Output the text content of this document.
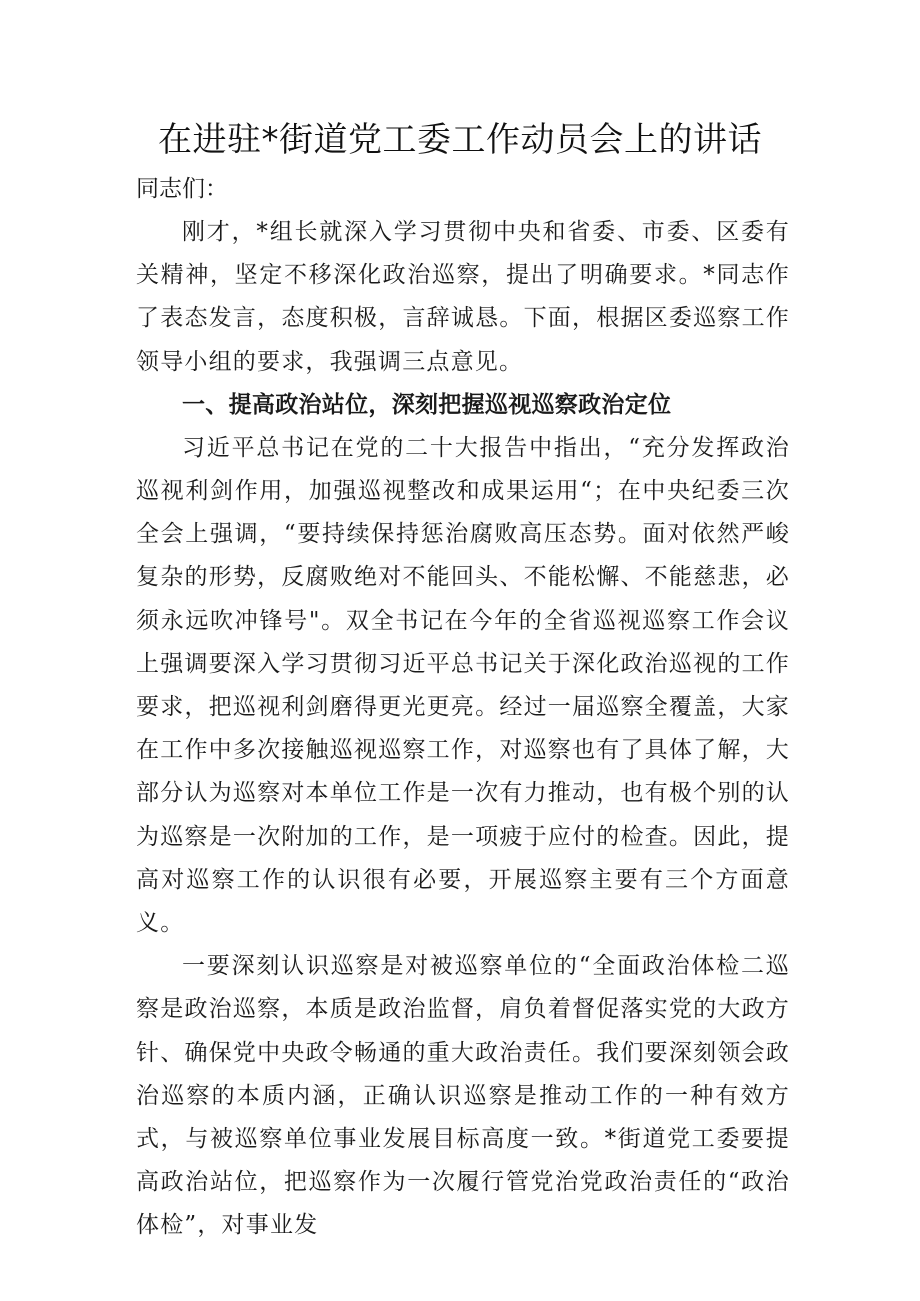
在进驻*街道党工委工作动员会上的讲话

同志们：

刚才，*组长就深入学习贯彻中央和省委、市委、区委有关精神，坚定不移深化政治巡察，提出了明确要求。*同志作了表态发言，态度积极，言辞诚恳。下面，根据区委巡察工作领导小组的要求，我强调三点意见。

一、提高政治站位，深刻把握巡视巡察政治定位

习近平总书记在党的二十大报告中指出，“充分发挥政治巡视利剑作用，加强巡视整改和成果运用“；在中央纪委三次全会上强调，“要持续保持惩治腐败高压态势。面对依然严峻复杂的形势，反腐败绝对不能回头、不能松懈、不能慈悲，必须永远吹冲锋号"。双全书记在今年的全省巡视巡察工作会议上强调要深入学习贯彻习近平总书记关于深化政治巡视的工作要求，把巡视利剑磨得更光更亮。经过一届巡察全覆盖，大家在工作中多次接触巡视巡察工作，对巡察也有了具体了解，大部分认为巡察对本单位工作是一次有力推动，也有极个别的认为巡察是一次附加的工作，是一项疲于应付的检查。因此，提高对巡察工作的认识很有必要，开展巡察主要有三个方面意义。

一要深刻认识巡察是对被巡察单位的“全面政治体检二巡察是政治巡察，本质是政治监督，肩负着督促落实党的大政方针、确保党中央政令畅通的重大政治责任。我们要深刻领会政治巡察的本质内涵，正确认识巡察是推动工作的一种有效方式，与被巡察单位事业发展目标高度一致。*街道党工委要提高政治站位，把巡察作为一次履行管党治党政治责任的“政治体检”，对事业发
